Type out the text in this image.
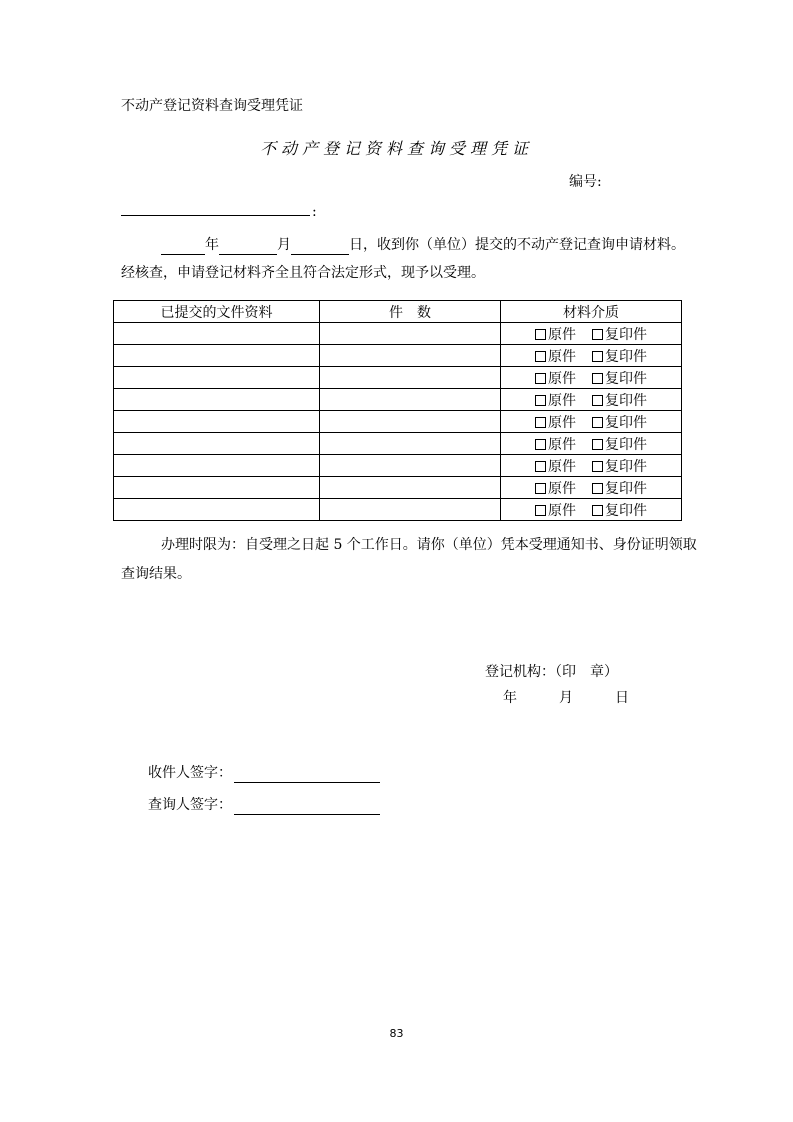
不动产登记资料查询受理凭证
不动产登记资料查询受理凭证
编号:
:
年	月	日，收到你（单位）提交的不动产登记查询申请材料。
经核查，申请登记材料齐全且符合法定形式，现予以受理。
已提交的文件资料	件　数	材料介质
		原件 复印件
		原件 复印件
		原件 复印件
		原件 复印件
		原件 复印件
		原件 复印件
		原件 复印件
		原件 复印件
		原件 复印件
办理时限为：自受理之日起 5 个工作日。请你（单位）凭本受理通知书、身份证明领取
查询结果。
登记机构：（印　章）
年　　　月　　　日
收件人签字：
查询人签字：
83
